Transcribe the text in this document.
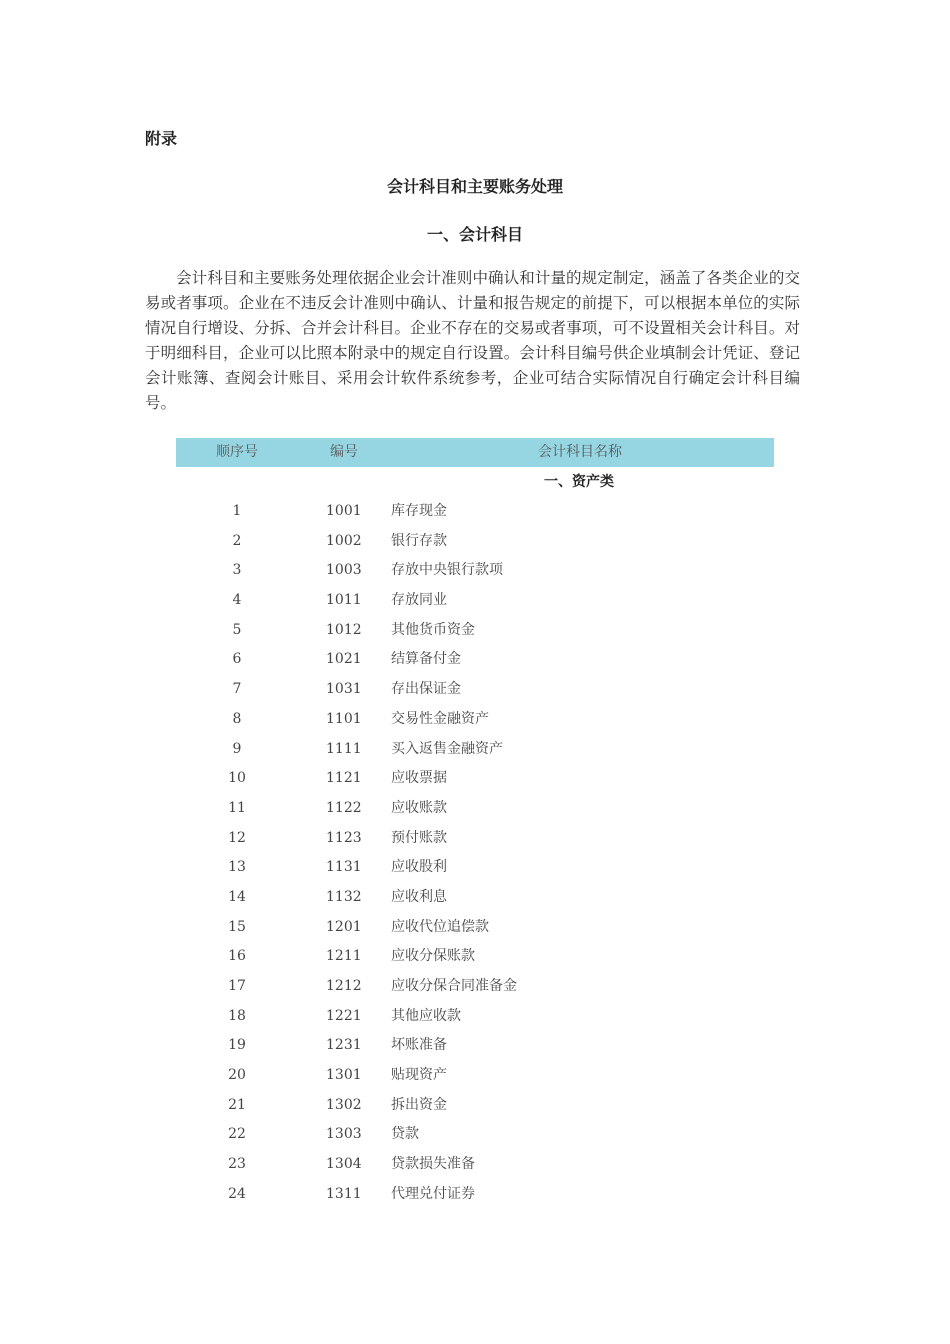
附录
会计科目和主要账务处理
一、会计科目

会计科目和主要账务处理依据企业会计准则中确认和计量的规定制定，涵盖了各类企业的交易或者事项。企业在不违反会计准则中确认、计量和报告规定的前提下，可以根据本单位的实际情况自行增设、分拆、合并会计科目。企业不存在的交易或者事项，可不设置相关会计科目。对于明细科目，企业可以比照本附录中的规定自行设置。会计科目编号供企业填制会计凭证、登记会计账簿、查阅会计账目、采用会计软件系统参考，企业可结合实际情况自行确定会计科目编号。

顺序号	编号	会计科目名称
一、资产类
1	1001 库存现金
2	1002 银行存款
3	1003 存放中央银行款项
4	1011 存放同业
5	1012 其他货币资金
6	1021 结算备付金
7	1031 存出保证金
8	1101 交易性金融资产
9	1111 买入返售金融资产
10	1121 应收票据
11	1122 应收账款
12	1123 预付账款
13	1131 应收股利
14	1132 应收利息
15	1201 应收代位追偿款
16	1211 应收分保账款
17	1212 应收分保合同准备金
18	1221 其他应收款
19	1231 坏账准备
20	1301 贴现资产
21	1302 拆出资金
22	1303 贷款
23	1304 贷款损失准备
24	1311 代理兑付证券
